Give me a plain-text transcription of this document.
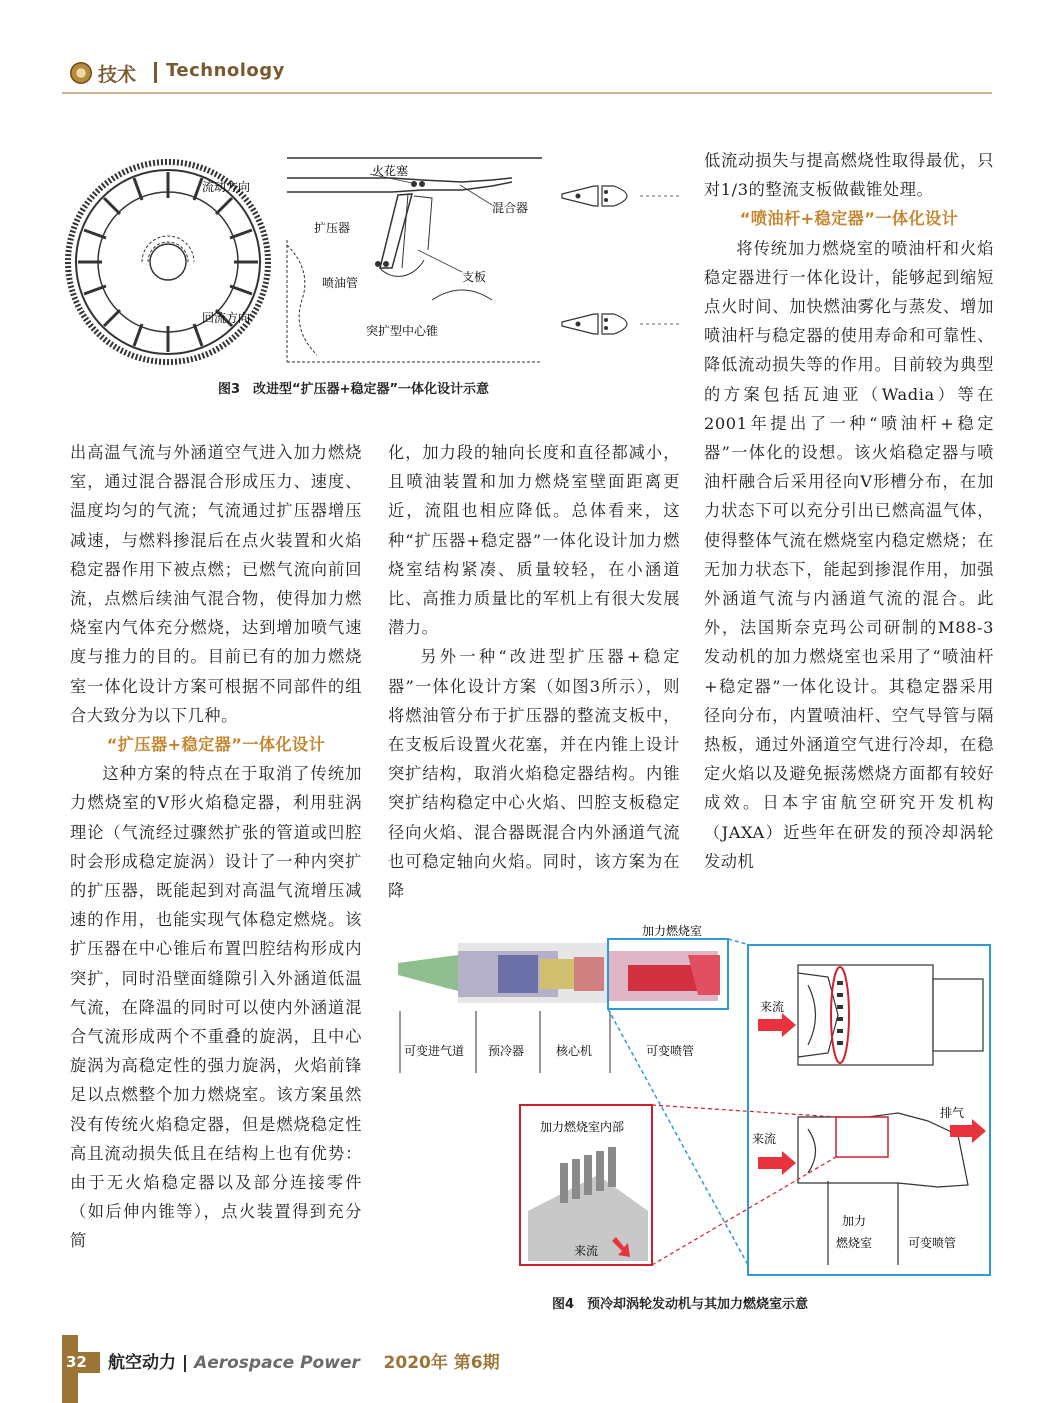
技术 Technology
流动方向
回流方向
火花塞
混合器
扩压器
喷油管	支板
突扩型中心锥
图3　改进型“扩压器+稳定器”一体化设计示意

低流动损失与提高燃烧性取得最优，只对1/3的整流支板做截锥处理。

“喷油杆+稳定器”一体化设计

将传统加力燃烧室的喷油杆和火焰稳定器进行一体化设计，能够起到缩短点火时间、加快燃油雾化与蒸发、增加喷油杆与稳定器的使用寿命和可靠性、降低流动损失等的作用。目前较为典型的方案包括瓦迪亚（Wadia）等在2001年提出了一种“喷油杆+稳定器”一体化的设想。该火焰稳定器与喷油杆融合后采用径向V形槽分布，在加力状态下可以充分引出已燃高温气体，使得整体气流在燃烧室内稳定燃烧；在无加力状态下，能起到掺混作用，加强外涵道气流与内涵道气流的混合。此外，法国斯奈克玛公司研制的M88-3发动机的加力燃烧室也采用了“喷油杆+稳定器”一体化设计。其稳定器采用径向分布，内置喷油杆、空气导管与隔热板，通过外涵道空气进行冷却，在稳定火焰以及避免振荡燃烧方面都有较好成效。日本宇宙航空研究开发机构（JAXA）近些年在研发的预冷却涡轮发动机

出高温气流与外涵道空气进入加力燃烧室，通过混合器混合形成压力、速度、温度均匀的气流；气流通过扩压器增压减速，与燃料掺混后在点火装置和火焰稳定器作用下被点燃；已燃气流向前回流，点燃后续油气混合物，使得加力燃烧室内气体充分燃烧，达到增加喷气速度与推力的目的。目前已有的加力燃烧室一体化设计方案可根据不同部件的组合大致分为以下几种。

“扩压器+稳定器”一体化设计

这种方案的特点在于取消了传统加力燃烧室的V形火焰稳定器，利用驻涡理论（气流经过骤然扩张的管道或凹腔时会形成稳定旋涡）设计了一种内突扩的扩压器，既能起到对高温气流增压减速的作用，也能实现气体稳定燃烧。该扩压器在中心锥后布置凹腔结构形成内突扩，同时沿壁面缝隙引入外涵道低温气流，在降温的同时可以使内外涵道混合气流形成两个不重叠的旋涡，且中心旋涡为高稳定性的强力旋涡，火焰前锋足以点燃整个加力燃烧室。该方案虽然没有传统火焰稳定器，但是燃烧稳定性高且流动损失低且在结构上也有优势：由于无火焰稳定器以及部分连接零件（如后伸内锥等），点火装置得到充分简

化，加力段的轴向长度和直径都减小，且喷油装置和加力燃烧室壁面距离更近，流阻也相应降低。总体看来，这种“扩压器+稳定器”一体化设计加力燃烧室结构紧凑、质量较轻，在小涵道比、高推力质量比的军机上有很大发展潜力。

另外一种“改进型扩压器+稳定器”一体化设计方案（如图3所示），则将燃油管分布于扩压器的整流支板中，在支板后设置火花塞，并在内锥上设计突扩结构，取消火焰稳定器结构。内锥突扩结构稳定中心火焰、凹腔支板稳定径向火焰、混合器既混合内外涵道气流也可稳定轴向火焰。同时，该方案为在降

加力燃烧室
可变进气道 预冷器	核心机	可变喷管
来流
来流
排气
加力
燃烧室	可变喷管
加力燃烧室内部
来流
图4　预冷却涡轮发动机与其加力燃烧室示意
32	航空动力 | Aerospace Power 2020年 第6期
